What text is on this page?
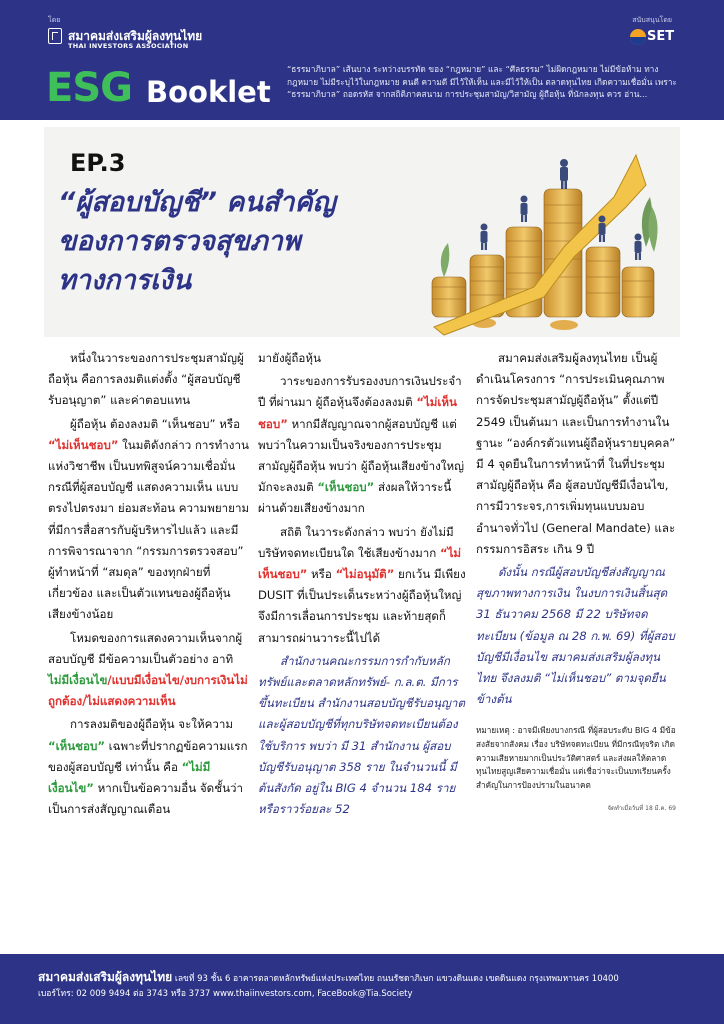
โดย
สมาคมส่งเสริมผู้ลงทุนไทย
THAI INVESTORS ASSOCIATION
สนับสนุนโดย
SET
ESG Booklet
“ธรรมาภิบาล” เส้นบาง ระหว่างบรรทัด ของ “กฎหมาย” และ “ศีลธรรม” ไม่ผิดกฎหมาย ไม่มีข้อห้าม ทางกฎหมาย ไม่มีระบุไว้ในกฎหมาย คนดี ความดี มีไว้ให้เห็น และมีไว้ให้เป็น ตลาดทุนไทย เกิดความเชื่อมั่น เพราะ “ธรรมาภิบาล” ถอดรหัส จากสถิติภาคสนาม การประชุมสามัญ/วิสามัญ ผู้ถือหุ้น ที่นักลงทุน ควร อ่าน...
EP.3
“ผู้สอบบัญชี” คนสำคัญ
ของการตรวจสุขภาพ
ทางการเงิน

หนึ่งในวาระของการประชุมสามัญผู้ถือหุ้น คือการลงมติแต่งตั้ง “ผู้สอบบัญชีรับอนุญาต” และค่าตอบแทน

ผู้ถือหุ้น ต้องลงมติ “เห็นชอบ” หรือ “ไม่เห็นชอบ” ในมติดังกล่าว การทำงานแห่งวิชาชีพ เป็นบทพิสูจน์ความเชื่อมั่น กรณีที่ผู้สอบบัญชี แสดงความเห็น แบบตรงไปตรงมา ย่อมสะท้อน ความพยายาม ที่มีการสื่อสารกับผู้บริหารไปแล้ว และมีการพิจารณาจาก “กรรมการตรวจสอบ” ผู้ทำหน้าที่ “สมดุล” ของทุกฝ่ายที่เกี่ยวข้อง และเป็นตัวแทนของผู้ถือหุ้นเสียงข้างน้อย

โหมดของการแสดงความเห็นจากผู้สอบบัญชี มีข้อความเป็นตัวอย่าง อาทิ ไม่มีเงื่อนไข/แบบมีเงื่อนไข/งบการเงินไม่ถูกต้อง/ไม่แสดงความเห็น

การลงมติของผู้ถือหุ้น จะให้ความ “เห็นชอบ” เฉพาะที่ปรากฏข้อความแรกของผู้สอบบัญชี เท่านั้น คือ “ไม่มีเงื่อนไข” หากเป็นข้อความอื่น จัดชั้นว่าเป็นการส่งสัญญาณเตือน

มายังผู้ถือหุ้น

วาระของการรับรองงบการเงินประจำปี ที่ผ่านมา ผู้ถือหุ้นจึงต้องลงมติ “ไม่เห็นชอบ” หากมีสัญญาณจากผู้สอบบัญชี แต่พบว่าในความเป็นจริงของการประชุมสามัญผู้ถือหุ้น พบว่า ผู้ถือหุ้นเสียงข้างใหญ่ มักจะลงมติ “เห็นชอบ” ส่งผลให้วาระนี้ผ่านด้วยเสียงข้างมาก

สถิติ ในวาระดังกล่าว พบว่า ยังไม่มีบริษัทจดทะเบียนใด ใช้เสียงข้างมาก “ไม่เห็นชอบ” หรือ “ไม่อนุมัติ” ยกเว้น มีเพียง DUSIT ที่เป็นประเด็นระหว่างผู้ถือหุ้นใหญ่ จึงมีการเลื่อนการประชุม และท้ายสุดก็สามารถผ่านวาระนี้ไปได้

สำนักงานคณะกรรมการกำกับหลักทรัพย์และตลาดหลักทรัพย์- ก.ล.ต. มีการขึ้นทะเบียน สำนักงานสอบบัญชีรับอนุญาต และผู้สอบบัญชีที่ทุกบริษัทจดทะเบียนต้องใช้บริการ พบว่า มี 31 สำนักงาน ผู้สอบบัญชีรับอนุญาต 358 ราย ในจำนวนนี้ มีต้นสังกัด อยู่ใน BIG 4 จำนวน 184 ราย หรือราวร้อยละ 52

สมาคมส่งเสริมผู้ลงทุนไทย เป็นผู้ดำเนินโครงการ “การประเมินคุณภาพการจัดประชุมสามัญผู้ถือหุ้น” ตั้งแต่ปี 2549 เป็นต้นมา และเป็นการทำงานในฐานะ “องค์กรตัวแทนผู้ถือหุ้นรายบุคคล” มี 4 จุดยืนในการทำหน้าที่ ในที่ประชุมสามัญผู้ถือหุ้น คือ ผู้สอบบัญชีมีเงื่อนไข, การมีวาระจร,การเพิ่มทุนแบบมอบอำนาจทั่วไป (General Mandate) และ กรรมการอิสระ เกิน 9 ปี

ดังนั้น กรณีผู้สอบบัญชีส่งสัญญาณสุขภาพทางการเงิน ในงบการเงินสิ้นสุด 31 ธันวาคม 2568 มี 22 บริษัทจดทะเบียน (ข้อมูล ณ 28 ก.พ. 69) ที่ผู้สอบบัญชีมีเงื่อนไข สมาคมส่งเสริมผู้ลงทุนไทย จึงลงมติ “ไม่เห็นชอบ” ตามจุดยืนข้างต้น

หมายเหตุ : อาจมีเพียงบางกรณี ที่ผู้สอบระดับ BIG 4 มีข้อสงสัยจากสังคม เรื่อง บริษัทจดทะเบียน ที่มีกรณีทุจริต เกิดความเสียหายมากเป็นประวัติศาสตร์ และส่งผลให้ตลาดทุนไทยสูญเสียความเชื่อมั่น แต่เชื่อว่าจะเป็นบทเรียนครั้งสำคัญในการป้องปรามในอนาคต
จัดทำเมื่อวันที่ 18 มี.ค. 69
สมาคมส่งเสริมผู้ลงทุนไทย เลขที่ 93 ชั้น 6 อาคารตลาดหลักทรัพย์แห่งประเทศไทย ถนนรัชดาภิเษก แขวงดินแดง เขตดินแดง กรุงเทพมหานคร 10400
เบอร์โทร: 02 009 9494 ต่อ 3743 หรือ 3737 www.thaiinvestors.com, FaceBook@Tia.Society
